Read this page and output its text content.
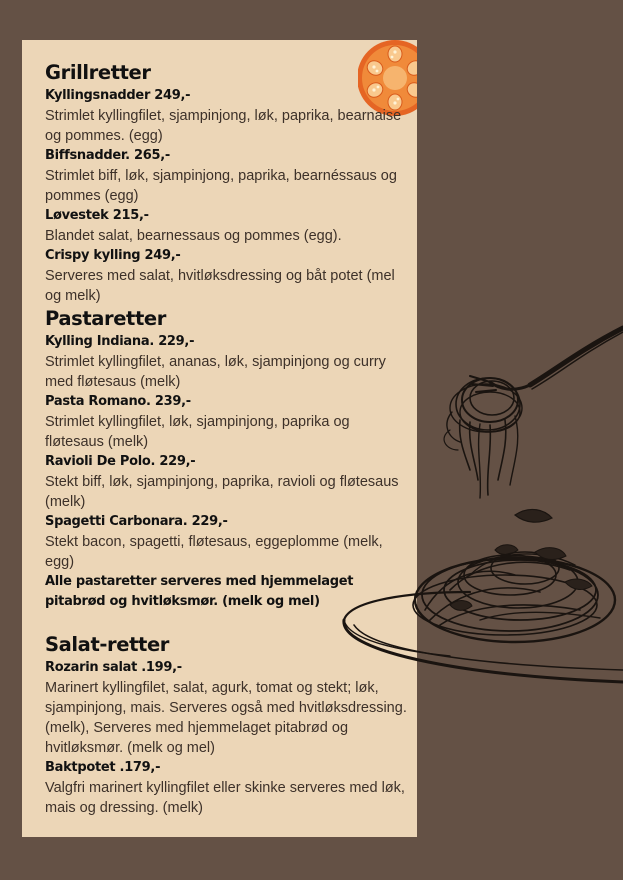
Grillretter
Kyllingsnadder 249,-
Strimlet kyllingfilet, sjampinjong, løk, paprika, bearnaise og pommes. (egg)
Biffsnadder. 265,-
Strimlet biff, løk, sjampinjong, paprika, bearnéssaus og pommes (egg)
Løvestek 215,-
Blandet salat, bearnessaus og pommes (egg).
Crispy kylling 249,-
Serveres med salat, hvitløksdressing og båt potet (mel og melk)
Pastaretter
Kylling Indiana. 229,-
Strimlet kyllingfilet, ananas, løk, sjampinjong og curry med fløtesaus (melk)
Pasta Romano. 239,-
Strimlet kyllingfilet, løk, sjampinjong, paprika og fløtesaus (melk)
Ravioli De Polo. 229,-
Stekt biff, løk, sjampinjong, paprika, ravioli og fløtesaus (melk)
Spagetti Carbonara. 229,-
Stekt bacon, spagetti, fløtesaus, eggeplomme (melk, egg)
Alle pastaretter serveres med hjemmelaget pitabrød og hvitløksmør. (melk og mel)
Salat-retter
Rozarin salat .199,-
Marinert kyllingfilet, salat, agurk, tomat og stekt; løk, sjampinjong, mais. Serveres også med hvitløksdressing. (melk), Serveres med hjemmelaget pitabrød og hvitløksmør. (melk og mel)
Baktpotet .179,-
Valgfri marinert kyllingfilet eller skinke serveres med løk, mais og dressing. (melk)
